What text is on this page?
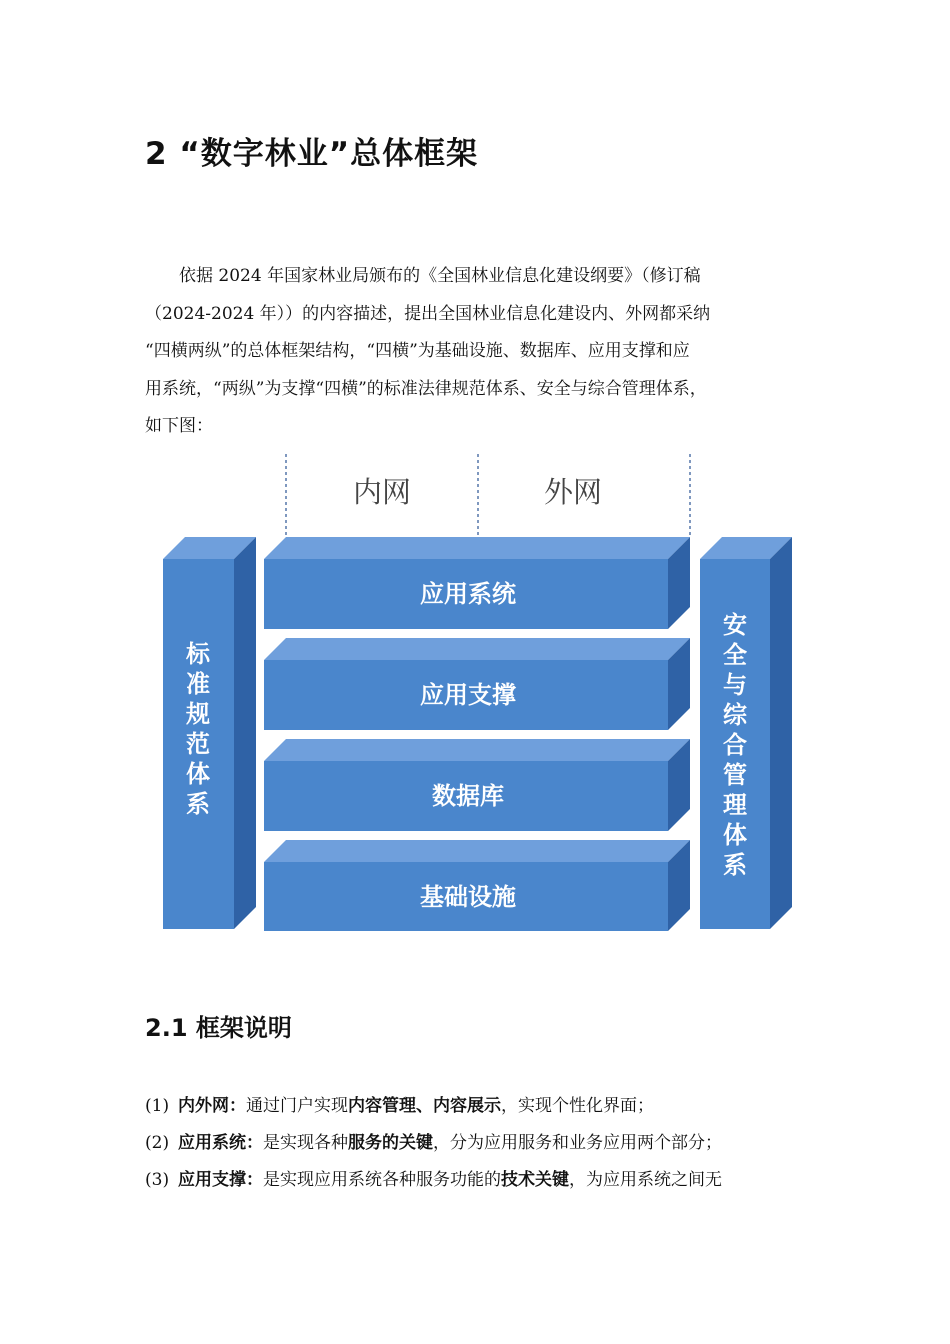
2 “数字林业”总体框架
依据 2024 年国家林业局颁布的《全国林业信息化建设纲要》（修订稿
（2024-2024 年））的内容描述，提出全国林业信息化建设内、外网都采纳
“四横两纵”的总体框架结构，“四横”为基础设施、数据库、应用支撑和应
用系统，“两纵”为支撑“四横”的标准法律规范体系、安全与综合管理体系，
如下图：
内网	外网
标
准
规
范
体
系
安
全
与
综
合
管
理
体
系
应用系统
应用支撑
数据库
基础设施
2.1 框架说明
(1) 内外网：通过门户实现内容管理、内容展示，实现个性化界面；
(2) 应用系统：是实现各种服务的关键，分为应用服务和业务应用两个部分；
(3) 应用支撑：是实现应用系统各种服务功能的技术关键，为应用系统之间无
